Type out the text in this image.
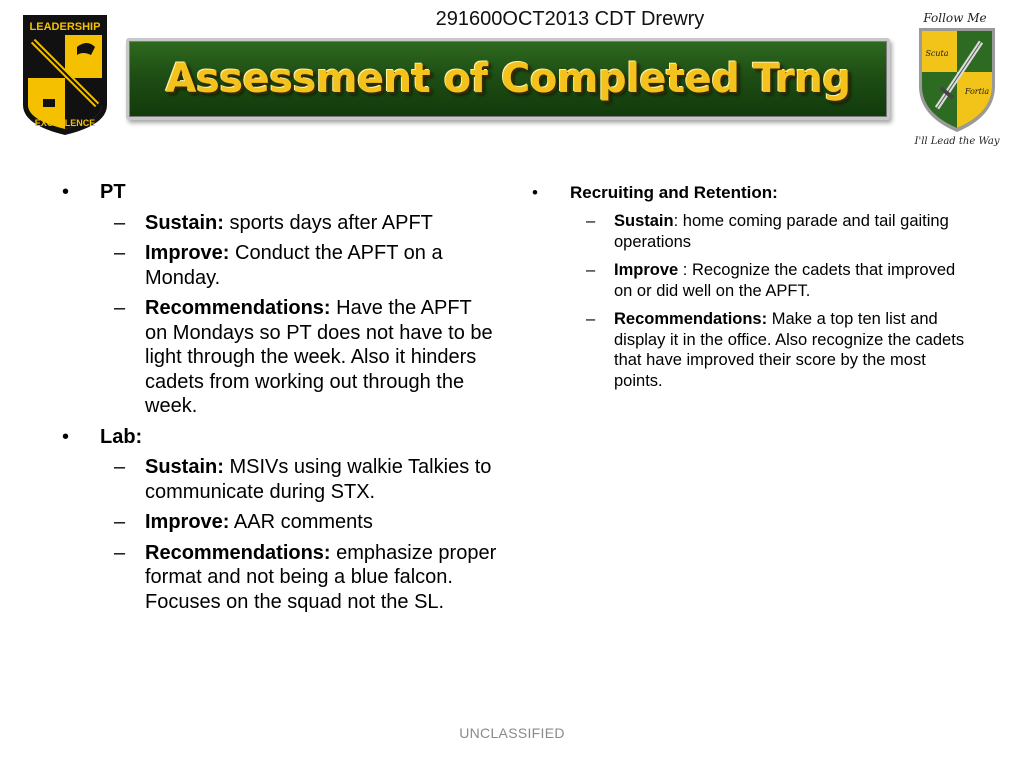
LEADERSHIP
EXCELLENCE
291600OCT2013 CDT Drewry
Assessment of Completed Trng
Follow Me
Scuta
Fortia
I'll Lead the Way
• PT
– Sustain: sports days after APFT
– Improve: Conduct the APFT on a Monday.
– Recommendations: Have the APFT on Mondays so PT does not have to be light through the week. Also it hinders cadets from working out through the week.
• Lab:
– Sustain: MSIVs using walkie Talkies to communicate during STX.
– Improve: AAR comments
– Recommendations: emphasize proper format and not being a blue falcon. Focuses on the squad not the SL.
• Recruiting and Retention:
– Sustain: home coming parade and tail gaiting operations
– Improve : Recognize the cadets that improved on or did well on the APFT.
– Recommendations: Make a top ten list and display it in the office. Also recognize the cadets that have improved their score by the most points.
UNCLASSIFIED
